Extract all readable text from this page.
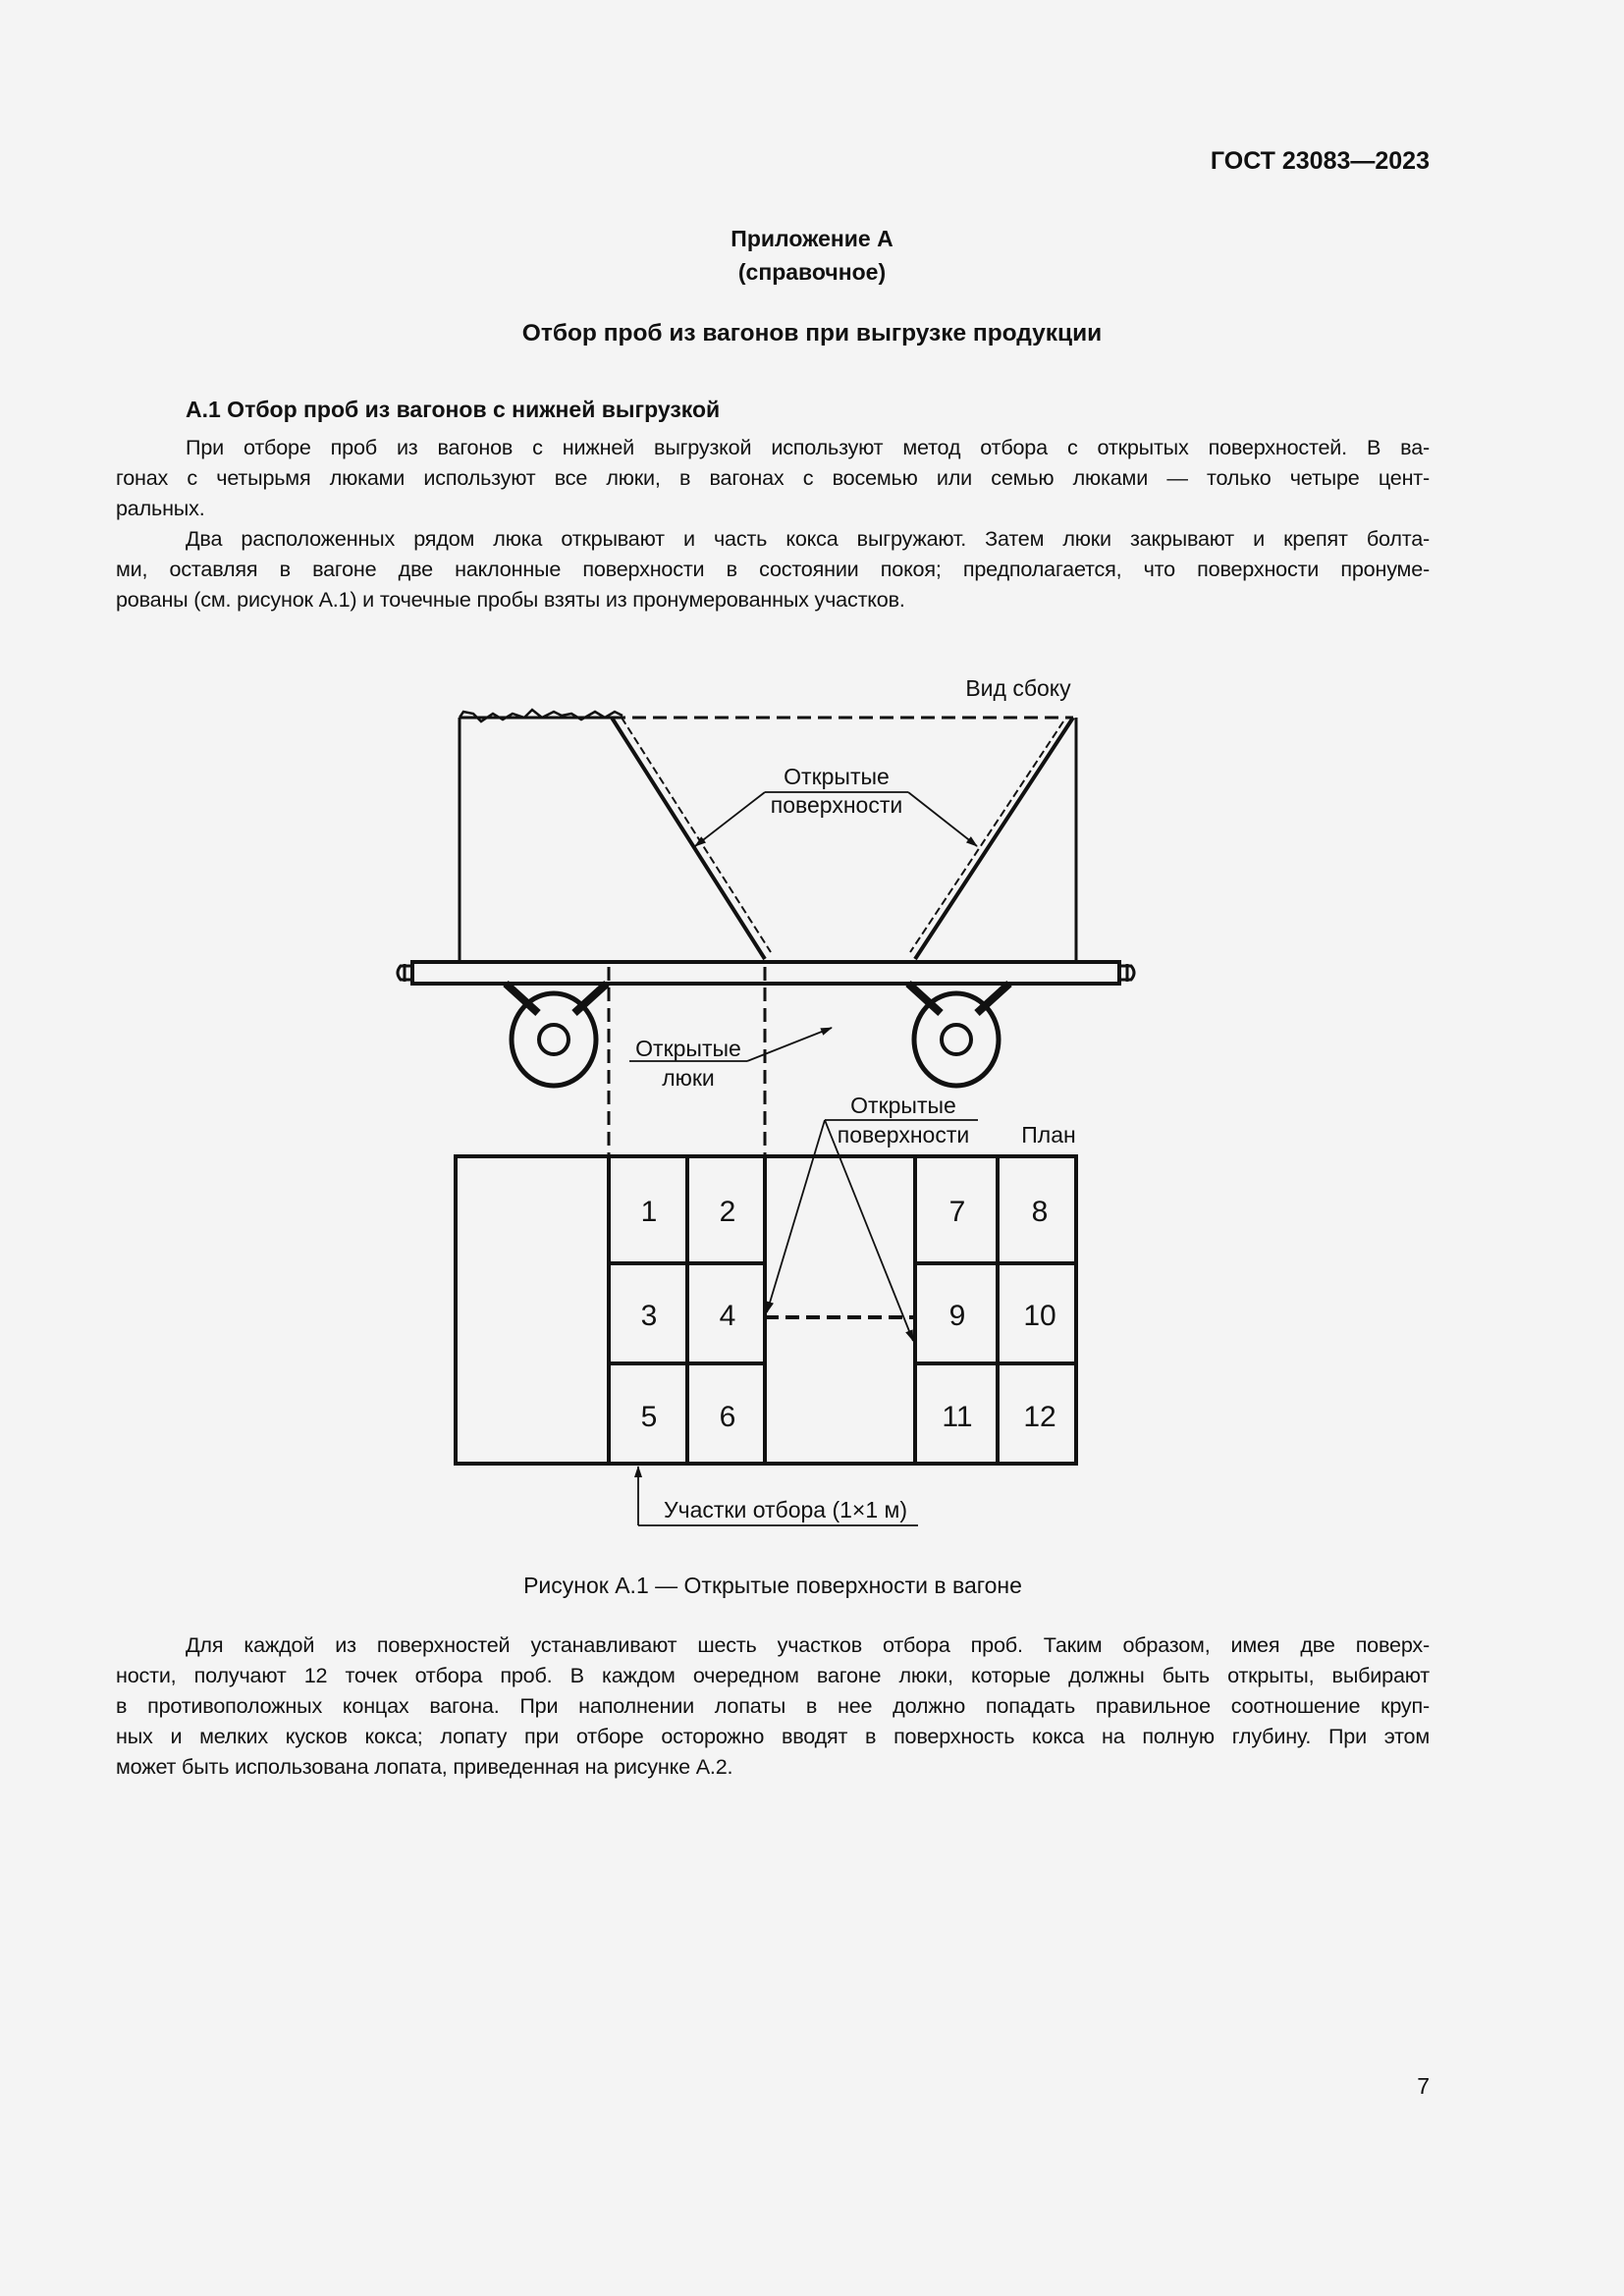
ГОСТ 23083—2023
Приложение А
(справочное)
Отбор проб из вагонов при выгрузке продукции
А.1 Отбор проб из вагонов с нижней выгрузкой
При отборе проб из вагонов с нижней выгрузкой используют метод отбора с открытых поверхностей. В ва-
гонах с четырьмя люками используют все люки, в вагонах с восемью или семью люками — только четыре цент-
ральных.
Два расположенных рядом люка открывают и часть кокса выгружают. Затем люки закрывают и крепят болта-
ми, оставляя в вагоне две наклонные поверхности в состоянии покоя; предполагается, что поверхности пронуме-
рованы (см. рисунок А.1) и точечные пробы взяты из пронумерованных участков.
Вид сбоку
Открытые
поверхности
Открытые
люки
Открытые
поверхности План
1 2
3 4
5 6
7 8
9 10
11 12
Участки отбора (1×1 м)
Рисунок А.1 — Открытые поверхности в вагоне
Для каждой из поверхностей устанавливают шесть участков отбора проб. Таким образом, имея две поверх-
ности, получают 12 точек отбора проб. В каждом очередном вагоне люки, которые должны быть открыты, выбирают
в противоположных концах вагона. При наполнении лопаты в нее должно попадать правильное соотношение круп-
ных и мелких кусков кокса; лопату при отборе осторожно вводят в поверхность кокса на полную глубину. При этом
может быть использована лопата, приведенная на рисунке А.2.
7
